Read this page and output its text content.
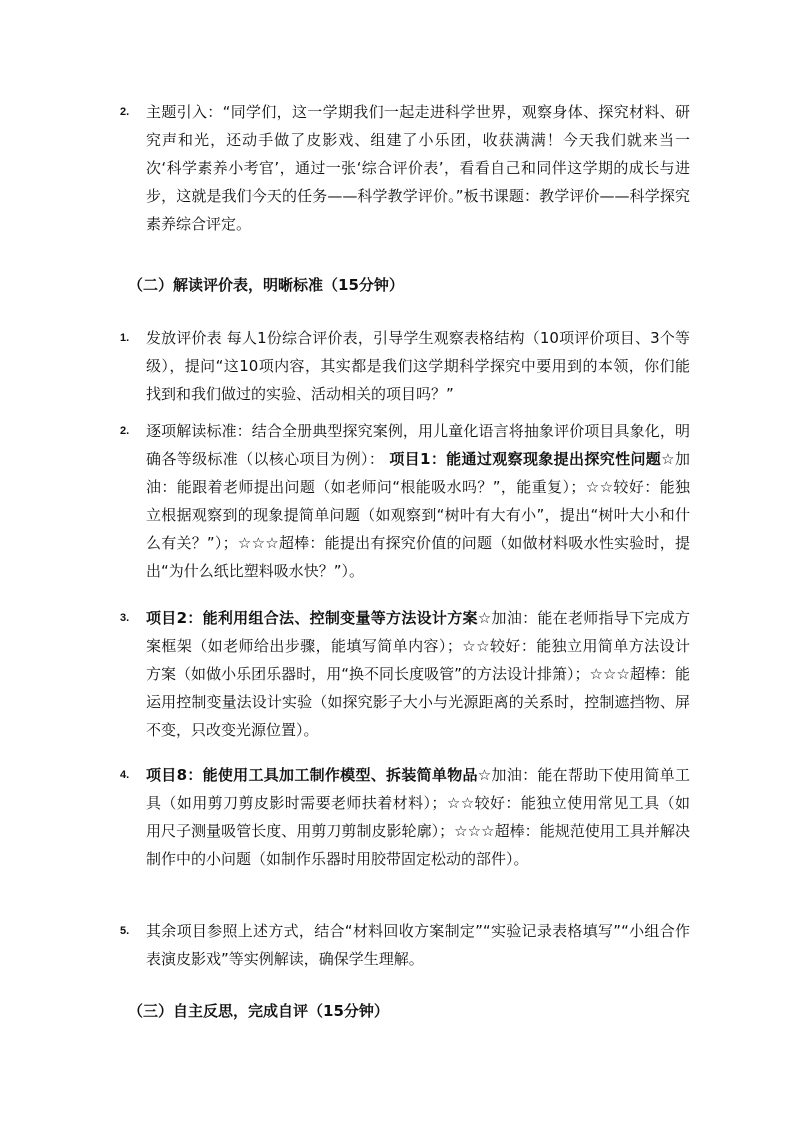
2. 主题引入：“同学们，这一学期我们一起走进科学世界，观察身体、探究材料、研究声和光，还动手做了皮影戏、组建了小乐团，收获满满！今天我们就来当一次‘科学素养小考官’，通过一张‘综合评价表’，看看自己和同伴这学期的成长与进步，这就是我们今天的任务——科学教学评价。”板书课题：教学评价——科学探究素养综合评定。
（二）解读评价表，明晰标准（15分钟）
1. 发放评价表 每人1份综合评价表，引导学生观察表格结构（10项评价项目、3个等级），提问“这10项内容，其实都是我们这学期科学探究中要用到的本领，你们能找到和我们做过的实验、活动相关的项目吗？”
2. 逐项解读标准：结合全册典型探究案例，用儿童化语言将抽象评价项目具象化，明确各等级标准（以核心项目为例）： 项目1：能通过观察现象提出探究性问题☆加油：能跟着老师提出问题（如老师问“根能吸水吗？”，能重复）；☆☆较好：能独立根据观察到的现象提简单问题（如观察到“树叶有大有小”，提出“树叶大小和什么有关？”）；☆☆☆超棒：能提出有探究价值的问题（如做材料吸水性实验时，提出“为什么纸比塑料吸水快？”）。
3. 项目2：能利用组合法、控制变量等方法设计方案☆加油：能在老师指导下完成方案框架（如老师给出步骤，能填写简单内容）；☆☆较好：能独立用简单方法设计方案（如做小乐团乐器时，用“换不同长度吸管”的方法设计排箫）；☆☆☆超棒：能运用控制变量法设计实验（如探究影子大小与光源距离的关系时，控制遮挡物、屏不变，只改变光源位置）。
4. 项目8：能使用工具加工制作模型、拆装简单物品☆加油：能在帮助下使用简单工具（如用剪刀剪皮影时需要老师扶着材料）；☆☆较好：能独立使用常见工具（如用尺子测量吸管长度、用剪刀剪制皮影轮廓）；☆☆☆超棒：能规范使用工具并解决制作中的小问题（如制作乐器时用胶带固定松动的部件）。
5. 其余项目参照上述方式，结合“材料回收方案制定”“实验记录表格填写”“小组合作表演皮影戏”等实例解读，确保学生理解。
（三）自主反思，完成自评（15分钟）
